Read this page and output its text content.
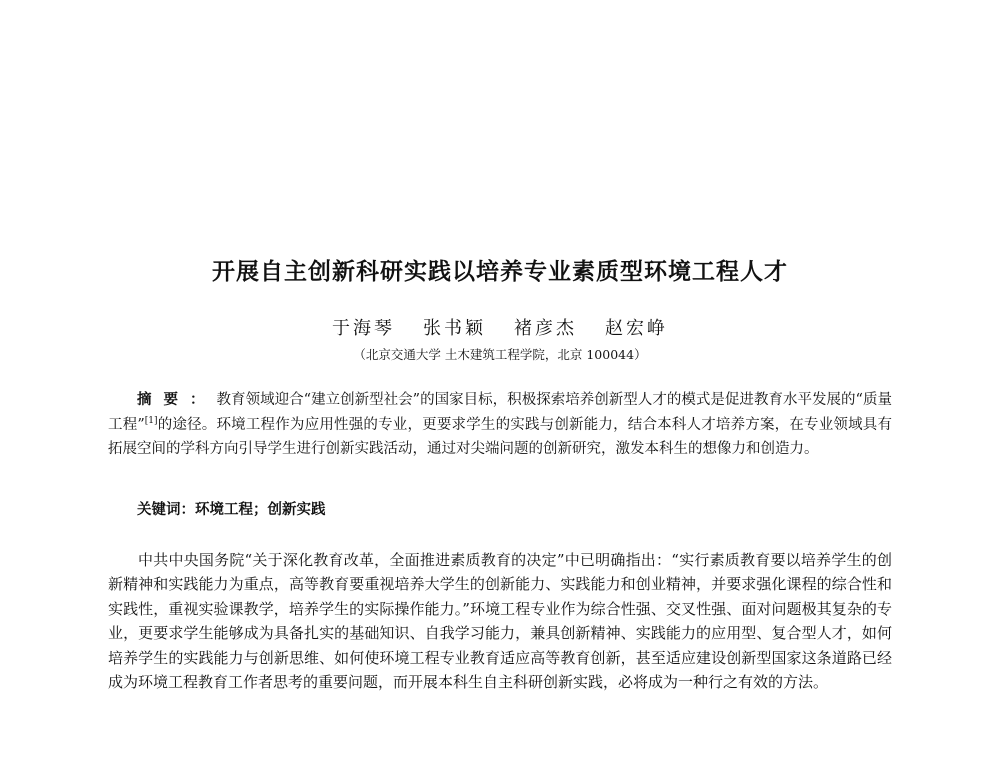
开展自主创新科研实践以培养专业素质型环境工程人才
于海琴 张书颖 褚彦杰 赵宏峥
（北京交通大学 土木建筑工程学院，北京 100044）

摘要：教育领域迎合“建立创新型社会”的国家目标，积极探索培养创新型人才的模式是促进教育水平发展的“质量工程”[1]的途径。环境工程作为应用性强的专业，更要求学生的实践与创新能力，结合本科人才培养方案，在专业领域具有拓展空间的学科方向引导学生进行创新实践活动，通过对尖端问题的创新研究，激发本科生的想像力和创造力。

关键词：环境工程；创新实践

中共中央国务院“关于深化教育改革，全面推进素质教育的决定”中已明确指出：“实行素质教育要以培养学生的创新精神和实践能力为重点，高等教育要重视培养大学生的创新能力、实践能力和创业精神，并要求强化课程的综合性和实践性，重视实验课教学，培养学生的实际操作能力。”环境工程专业作为综合性强、交叉性强、面对问题极其复杂的专业，更要求学生能够成为具备扎实的基础知识、自我学习能力，兼具创新精神、实践能力的应用型、复合型人才，如何培养学生的实践能力与创新思维、如何使环境工程专业教育适应高等教育创新，甚至适应建设创新型国家这条道路已经成为环境工程教育工作者思考的重要问题，而开展本科生自主科研创新实践，必将成为一种行之有效的方法。
